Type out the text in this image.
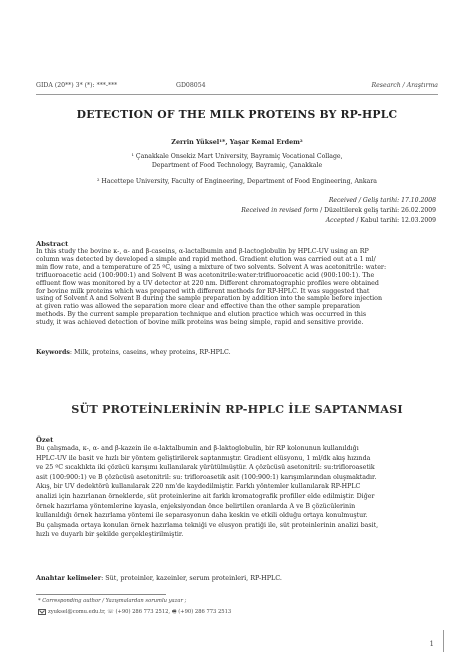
GIDA (20**) 3* (*): ***-***	GD08054	Research / Araştırma
DETECTION OF THE MILK PROTEINS BY RP-HPLC
Zerrin Yüksel¹*, Yaşar Kemal Erdem²
¹ Çanakkale Onsekiz Mart University, Bayramiç Vocational Collage,
Department of Food Technology, Bayramiç, Çanakkale
² Hacettepe University, Faculty of Engineering, Department of Food Engineering, Ankara
Received / Geliş tarihi: 17.10.2008
Received in revised form / Düzeltilerek geliş tarihi: 26.02.2009
Accepted / Kabul tarihi: 12.03.2009
Abstract
In this study the bovine κ-, α- and β-caseins, α-lactalbumin and β-lactoglobulin by HPLC-UV using an RP
column was detected by developed a simple and rapid method. Gradient elution was carried out at a 1 ml/
min flow rate, and a temperature of 25 ºC, using a mixture of two solvents. Solvent A was acetonitrile: water:
trifluoroacetic acid (100:900:1) and Solvent B was acetonitrile:water:trifluoroacetic acid (900:100:1). The
effluent flow was monitored by a UV detector at 220 nm. Different chromatographic profiles were obtained
for bovine milk proteins which was prepared with different methods for RP-HPLC. It was suggested that
using of Solvent A and Solvent B during the sample preparation by addition into the sample before injection
at given ratio was allowed the separation more clear and effective than the other sample preparation
methods. By the current sample preparation technique and elution practice which was occurred in this
study, it was achieved detection of bovine milk proteins was being simple, rapid and sensitive provide.
Keywords: Milk, proteins, caseins, whey proteins, RP-HPLC.
SÜT PROTEİNLERİNİN RP-HPLC İLE SAPTANMASI
Özet
Bu çalışmada, κ-, α- and β-kazein ile α-laktalbumin and β-laktoglobulin, bir RP kolonunun kullanıldığı
HPLC-UV ile basit ve hızlı bir yöntem geliştirilerek saptanmıştır. Gradient elüsyonu, 1 ml/dk akış hızında
ve 25 ºC sıcaklıkta iki çözücü karışımı kullanılarak yürütülmüştür. A çözücüsü asetonitril: su:trifloroasetik
asit (100:900:1) ve B çözücüsü asetonitril: su: trifloroasetik asit (100:900:1) karışımlarından oluşmaktadır.
Akış, bir UV dedektörü kullanılarak 220 nm'de kaydedilmiştir. Farklı yöntemler kullanılarak RP-HPLC
analizi için hazırlanan örneklerde, süt proteinlerine ait farklı kromatografik profiller elde edilmiştir. Diğer
örnek hazırlama yöntemlerine kıyasla, enjeksiyondan önce belirtilen oranlarda A ve B çözücülerinin
kullanıldığı örnek hazırlama yöntemi ile separasyonun daha keskin ve etkili olduğu ortaya konulmuştur.
Bu çalışmada ortaya konulan örnek hazırlama tekniği ve elusyon pratiği ile, süt proteinlerinin analizi basit,
hızlı ve duyarlı bir şekilde gerçekleştirilmiştir.
Anahtar kelimeler: Süt, proteinler, kazeinler, serum proteinleri, RP-HPLC.
* Corresponding author / Yazışmalardan sorumlu yazar ;
zyuksel@comu.edu.tr, ☏ (+90) 286 773 2512, 🖷 (+90) 286 773 2513
1
